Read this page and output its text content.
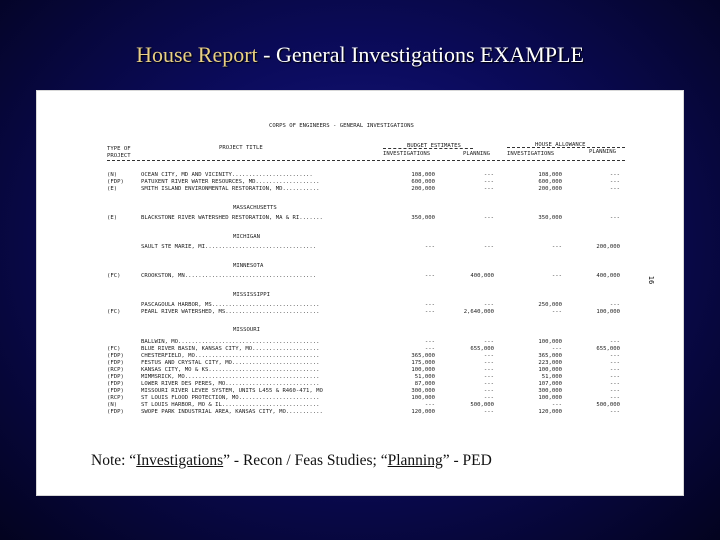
House Report - General Investigations EXAMPLE
CORPS OF ENGINEERS - GENERAL INVESTIGATIONS
TYPE OF
PROJECT
PROJECT TITLE	BUDGET ESTIMATES	HOUSE ALLOWANCE
INVESTIGATIONS	PLANNING	INVESTIGATIONS	PLANNING
(N)	OCEAN CITY, MD AND VICINITY........................	108,000	---	108,000	---
(FDP)	PATUXENT RIVER WATER RESOURCES, MD...................	600,000	---	600,000	---
(E)	SMITH ISLAND ENVIRONMENTAL RESTORATION, MD...........	200,000	---	200,000	---
MASSACHUSETTS
(E)	BLACKSTONE RIVER WATERSHED RESTORATION, MA & RI.......	350,000	---	350,000	---
MICHIGAN
SAULT STE MARIE, MI.................................	---	---	---	200,000
MINNESOTA
(FC)	CROOKSTON, MN.......................................	---	400,000	---	400,000
MISSISSIPPI
PASCAGOULA HARBOR, MS................................	---	---	250,000	---
(FC)	PEARL RIVER WATERSHED, MS............................	---	2,640,000	---	100,000
MISSOURI
BALLWIN, MO..........................................	---	---	100,000	---
(FC)	BLUE RIVER BASIN, KANSAS CITY, MO....................	---	655,000	---	655,000
(FDP)	CHESTERFIELD, MO.....................................	365,000	---	365,000	---
(FDP)	FESTUS AND CRYSTAL CITY, MO..........................	175,000	---	223,000	---
(RCP)	KANSAS CITY, MO & KS.................................	100,000	---	100,000	---
(FDP)	MIMMSRICK, MO........................................	51,000	---	51,000	---
(FDP)	LOWER RIVER DES PERES, MO............................	87,000	---	107,000	---
(FDP)	MISSOURI RIVER LEVEE SYSTEM, UNITS L455 & R460-471, MO	300,000	---	300,000	---
(RCP)	ST LOUIS FLOOD PROTECTION, MO........................	100,000	---	100,000	---
(N)	ST LOUIS HARBOR, MO & IL.............................	---	500,000	---	500,000
(FDP)	SWOPE PARK INDUSTRIAL AREA, KANSAS CITY, MO...........	120,000	---	120,000	---
16
Note: “Investigations” - Recon / Feas Studies; “Planning” - PED
